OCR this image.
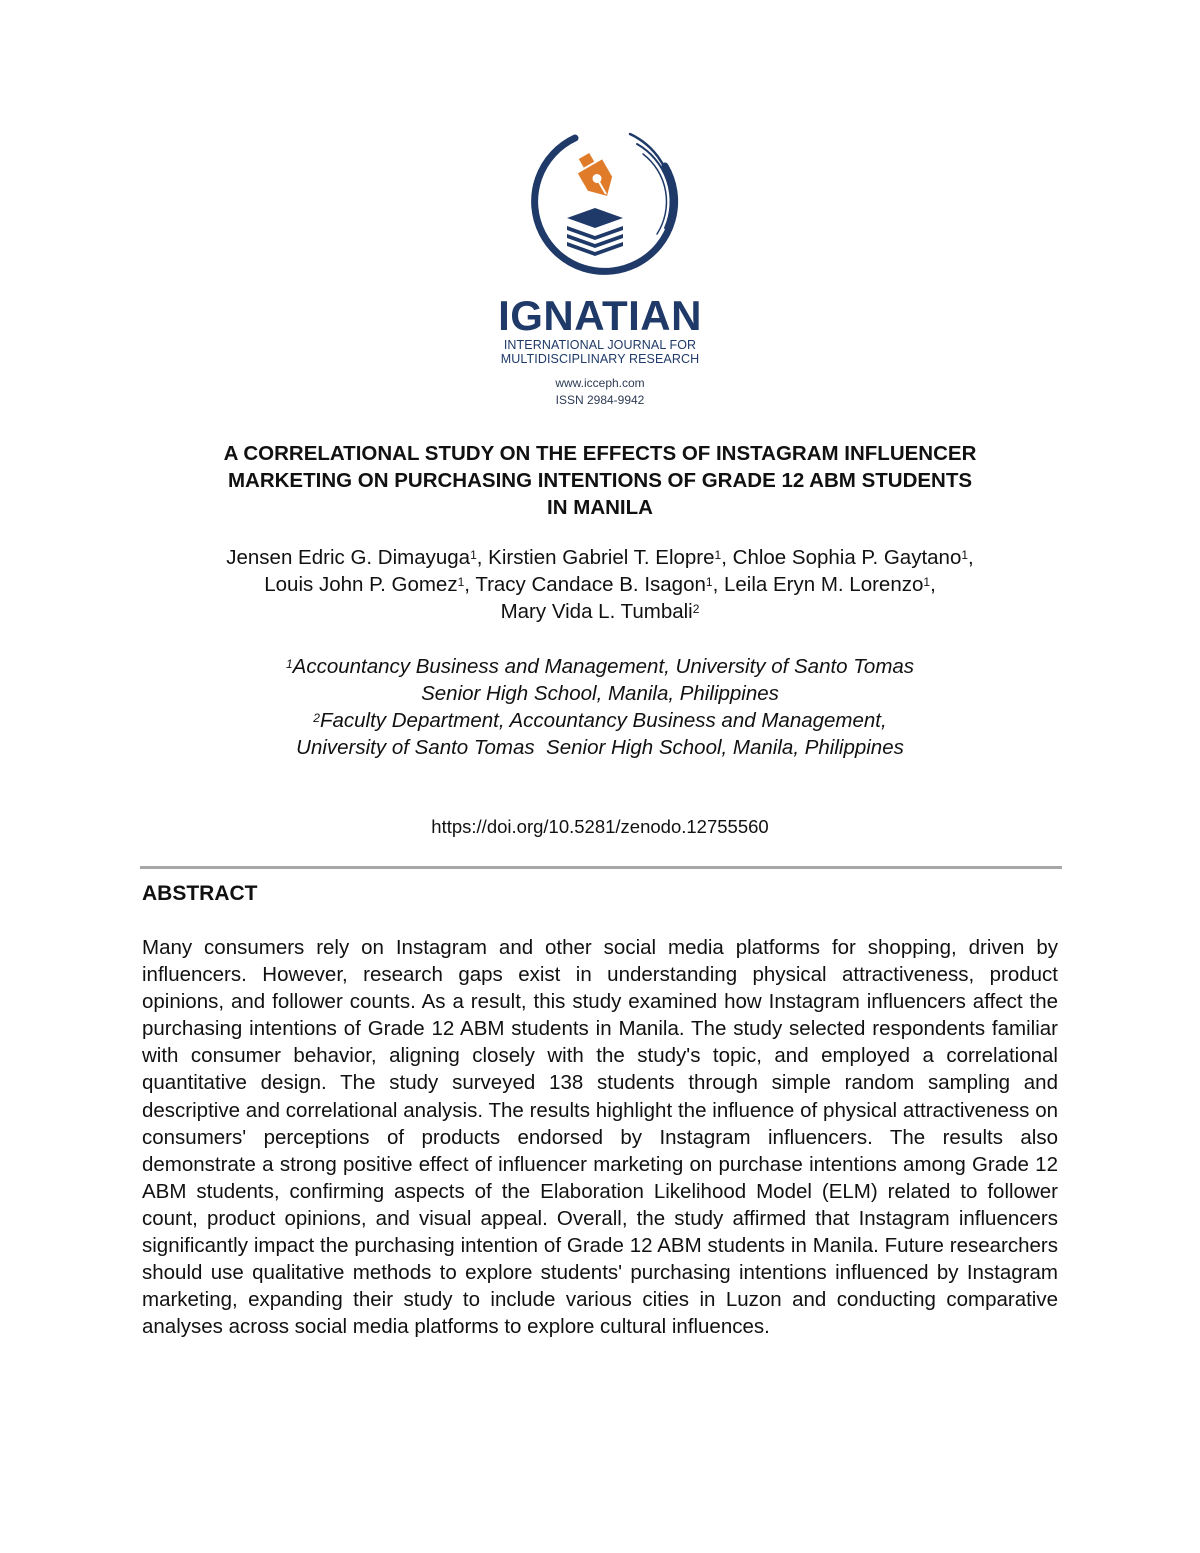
IGNATIAN
INTERNATIONAL JOURNAL FOR
MULTIDISCIPLINARY RESEARCH
www.icceph.com
ISSN 2984-9942
A CORRELATIONAL STUDY ON THE EFFECTS OF INSTAGRAM INFLUENCER
MARKETING ON PURCHASING INTENTIONS OF GRADE 12 ABM STUDENTS
IN MANILA
Jensen Edric G. Dimayuga$^1$, Kirstien Gabriel T. Elopre$^1$, Chloe Sophia P. Gaytano$^1$,
Louis John P. Gomez$^1$, Tracy Candace B. Isagon$^1$, Leila Eryn M. Lorenzo$^1$,
Mary Vida L. Tumbali$^2$
$^1$Accountancy Business and Management, University of Santo Tomas
Senior High School, Manila, Philippines
$^2$Faculty Department, Accountancy Business and Management,
University of Santo Tomas  Senior High School, Manila, Philippines
https://doi.org/10.5281/zenodo.12755560
ABSTRACT

Many consumers rely on Instagram and other social media platforms for shopping, driven by influencers. However, research gaps exist in understanding physical attractiveness, product opinions, and follower counts. As a result, this study examined how Instagram influencers affect the purchasing intentions of Grade 12 ABM students in Manila. The study selected respondents familiar with consumer behavior, aligning closely with the study's topic, and employed a correlational quantitative design. The study surveyed 138 students through simple random sampling and descriptive and correlational analysis. The results highlight the influence of physical attractiveness on consumers' perceptions of products endorsed by Instagram influencers. The results also demonstrate a strong positive effect of influencer marketing on purchase intentions among Grade 12 ABM students, confirming aspects of the Elaboration Likelihood Model (ELM) related to follower count, product opinions, and visual appeal. Overall, the study affirmed that Instagram influencers significantly impact the purchasing intention of Grade 12 ABM students in Manila. Future researchers should use qualitative methods to explore students' purchasing intentions influenced by Instagram marketing, expanding their study to include various cities in Luzon and conducting comparative analyses across social media platforms to explore cultural influences.
